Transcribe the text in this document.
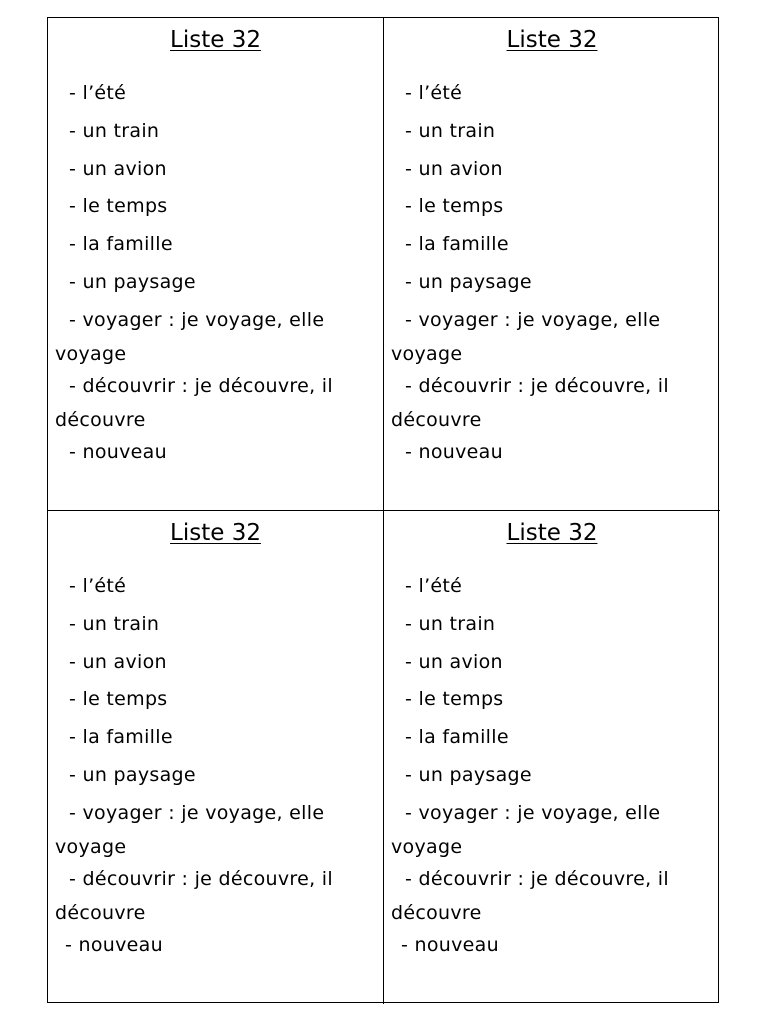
Liste 32
- l’été
- un train
- un avion
- le temps
- la famille
- un paysage
- voyager : je voyage, elle
voyage
- découvrir : je découvre, il
découvre
- nouveau
Liste 32
- l’été
- un train
- un avion
- le temps
- la famille
- un paysage
- voyager : je voyage, elle
voyage
- découvrir : je découvre, il
découvre
- nouveau
Liste 32
- l’été
- un train
- un avion
- le temps
- la famille
- un paysage
- voyager : je voyage, elle
voyage
- découvrir : je découvre, il
découvre
- nouveau
Liste 32
- l’été
- un train
- un avion
- le temps
- la famille
- un paysage
- voyager : je voyage, elle
voyage
- découvrir : je découvre, il
découvre
- nouveau
